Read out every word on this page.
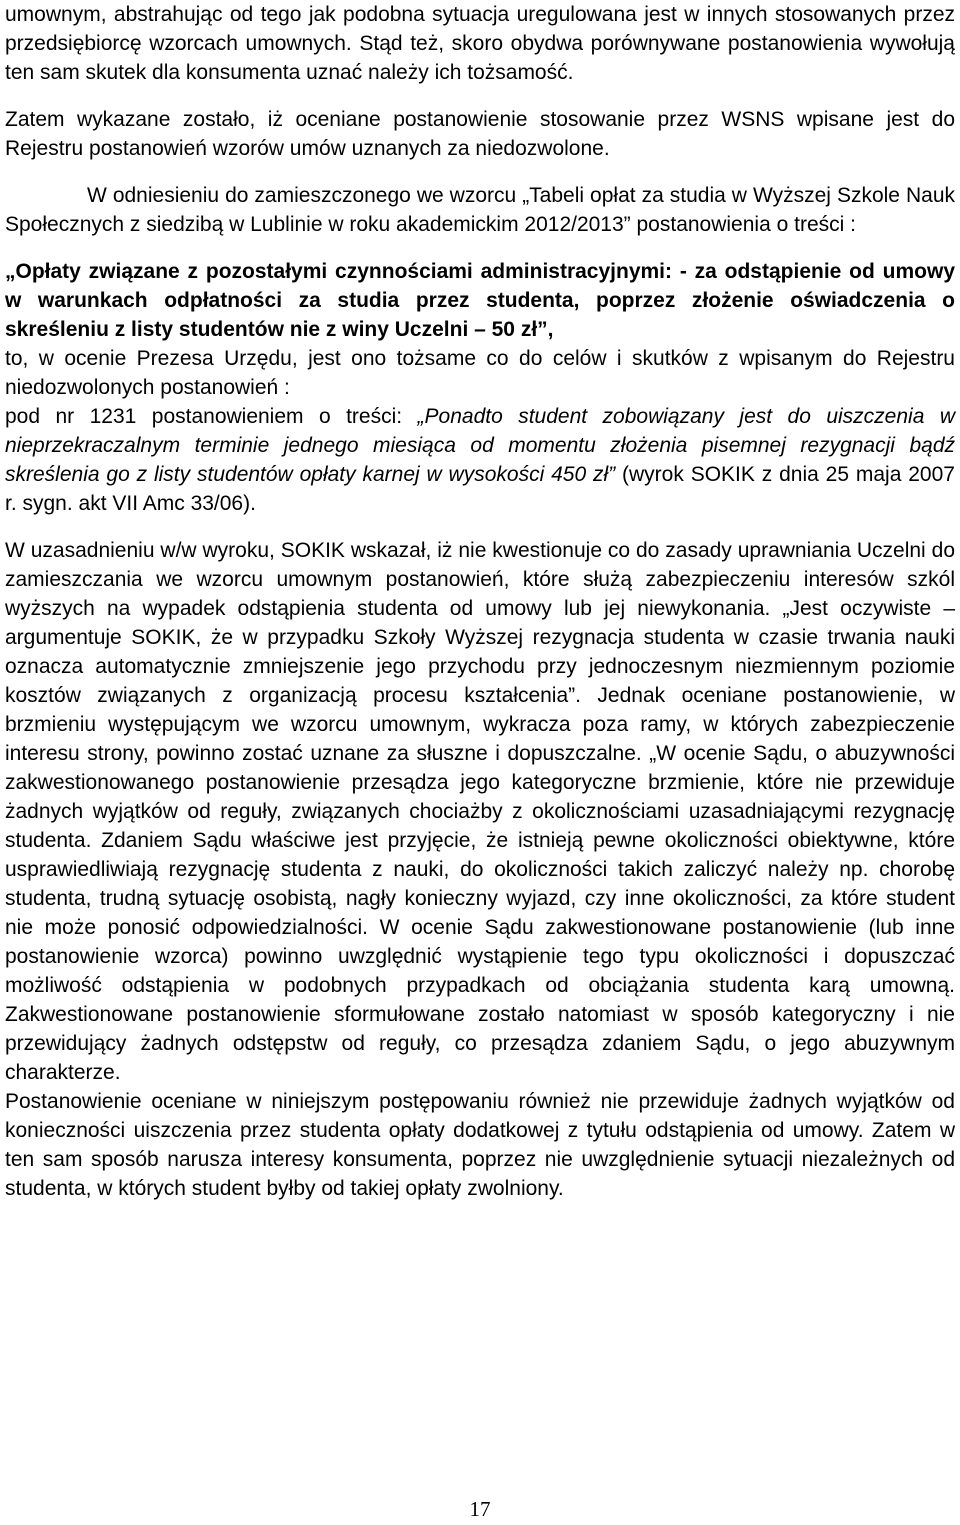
umownym, abstrahując od tego jak podobna sytuacja uregulowana jest w innych stosowanych przez przedsiębiorcę wzorcach umownych. Stąd też, skoro obydwa porównywane postanowienia wywołują ten sam skutek dla konsumenta uznać należy ich tożsamość.

Zatem wykazane zostało, iż oceniane postanowienie stosowanie przez WSNS wpisane jest do Rejestru postanowień wzorów umów uznanych za niedozwolone.

W odniesieniu do zamieszczonego we wzorcu „Tabeli opłat za studia w Wyższej Szkole Nauk Społecznych z siedzibą w Lublinie w roku akademickim 2012/2013” postanowienia o treści :

„Opłaty związane z pozostałymi czynnościami administracyjnymi: - za odstąpienie od umowy w warunkach odpłatności za studia przez studenta, poprzez złożenie oświadczenia o skreśleniu z listy studentów nie z winy Uczelni – 50 zł”,

to, w ocenie Prezesa Urzędu, jest ono tożsame co do celów i skutków z wpisanym do Rejestru niedozwolonych postanowień :

pod nr 1231 postanowieniem o treści: „Ponadto student zobowiązany jest do uiszczenia w nieprzekraczalnym terminie jednego miesiąca od momentu złożenia pisemnej rezygnacji bądź skreślenia go z listy studentów opłaty karnej w wysokości 450 zł” (wyrok SOKIK z dnia 25 maja 2007 r. sygn. akt VII Amc 33/06).

W uzasadnieniu w/w wyroku, SOKIK wskazał, iż nie kwestionuje co do zasady uprawniania Uczelni do zamieszczania we wzorcu umownym postanowień, które służą zabezpieczeniu interesów szkól wyższych na wypadek odstąpienia studenta od umowy lub jej niewykonania. „Jest oczywiste – argumentuje SOKIK, że w przypadku Szkoły Wyższej rezygnacja studenta w czasie trwania nauki oznacza automatycznie zmniejszenie jego przychodu przy jednoczesnym niezmiennym poziomie kosztów związanych z organizacją procesu kształcenia”. Jednak oceniane postanowienie, w brzmieniu występującym we wzorcu umownym, wykracza poza ramy, w których zabezpieczenie interesu strony, powinno zostać uznane za słuszne i dopuszczalne. „W ocenie Sądu, o abuzywności zakwestionowanego postanowienie przesądza jego kategoryczne brzmienie, które nie przewiduje żadnych wyjątków od reguły, związanych chociażby z okolicznościami uzasadniającymi rezygnację studenta. Zdaniem Sądu właściwe jest przyjęcie, że istnieją pewne okoliczności obiektywne, które usprawiedliwiają rezygnację studenta z nauki, do okoliczności takich zaliczyć należy np. chorobę studenta, trudną sytuację osobistą, nagły konieczny wyjazd, czy inne okoliczności, za które student nie może ponosić odpowiedzialności. W ocenie Sądu zakwestionowane postanowienie (lub inne postanowienie wzorca) powinno uwzględnić wystąpienie tego typu okoliczności i dopuszczać możliwość odstąpienia w podobnych przypadkach od obciążania studenta karą umowną. Zakwestionowane postanowienie sformułowane zostało natomiast w sposób kategoryczny i nie przewidujący żadnych odstępstw od reguły, co przesądza zdaniem Sądu, o jego abuzywnym charakterze.

Postanowienie oceniane w niniejszym postępowaniu również nie przewiduje żadnych wyjątków od konieczności uiszczenia przez studenta opłaty dodatkowej z tytułu odstąpienia od umowy. Zatem w ten sam sposób narusza interesy konsumenta, poprzez nie uwzględnienie sytuacji niezależnych od studenta, w których student byłby od takiej opłaty zwolniony.

17
